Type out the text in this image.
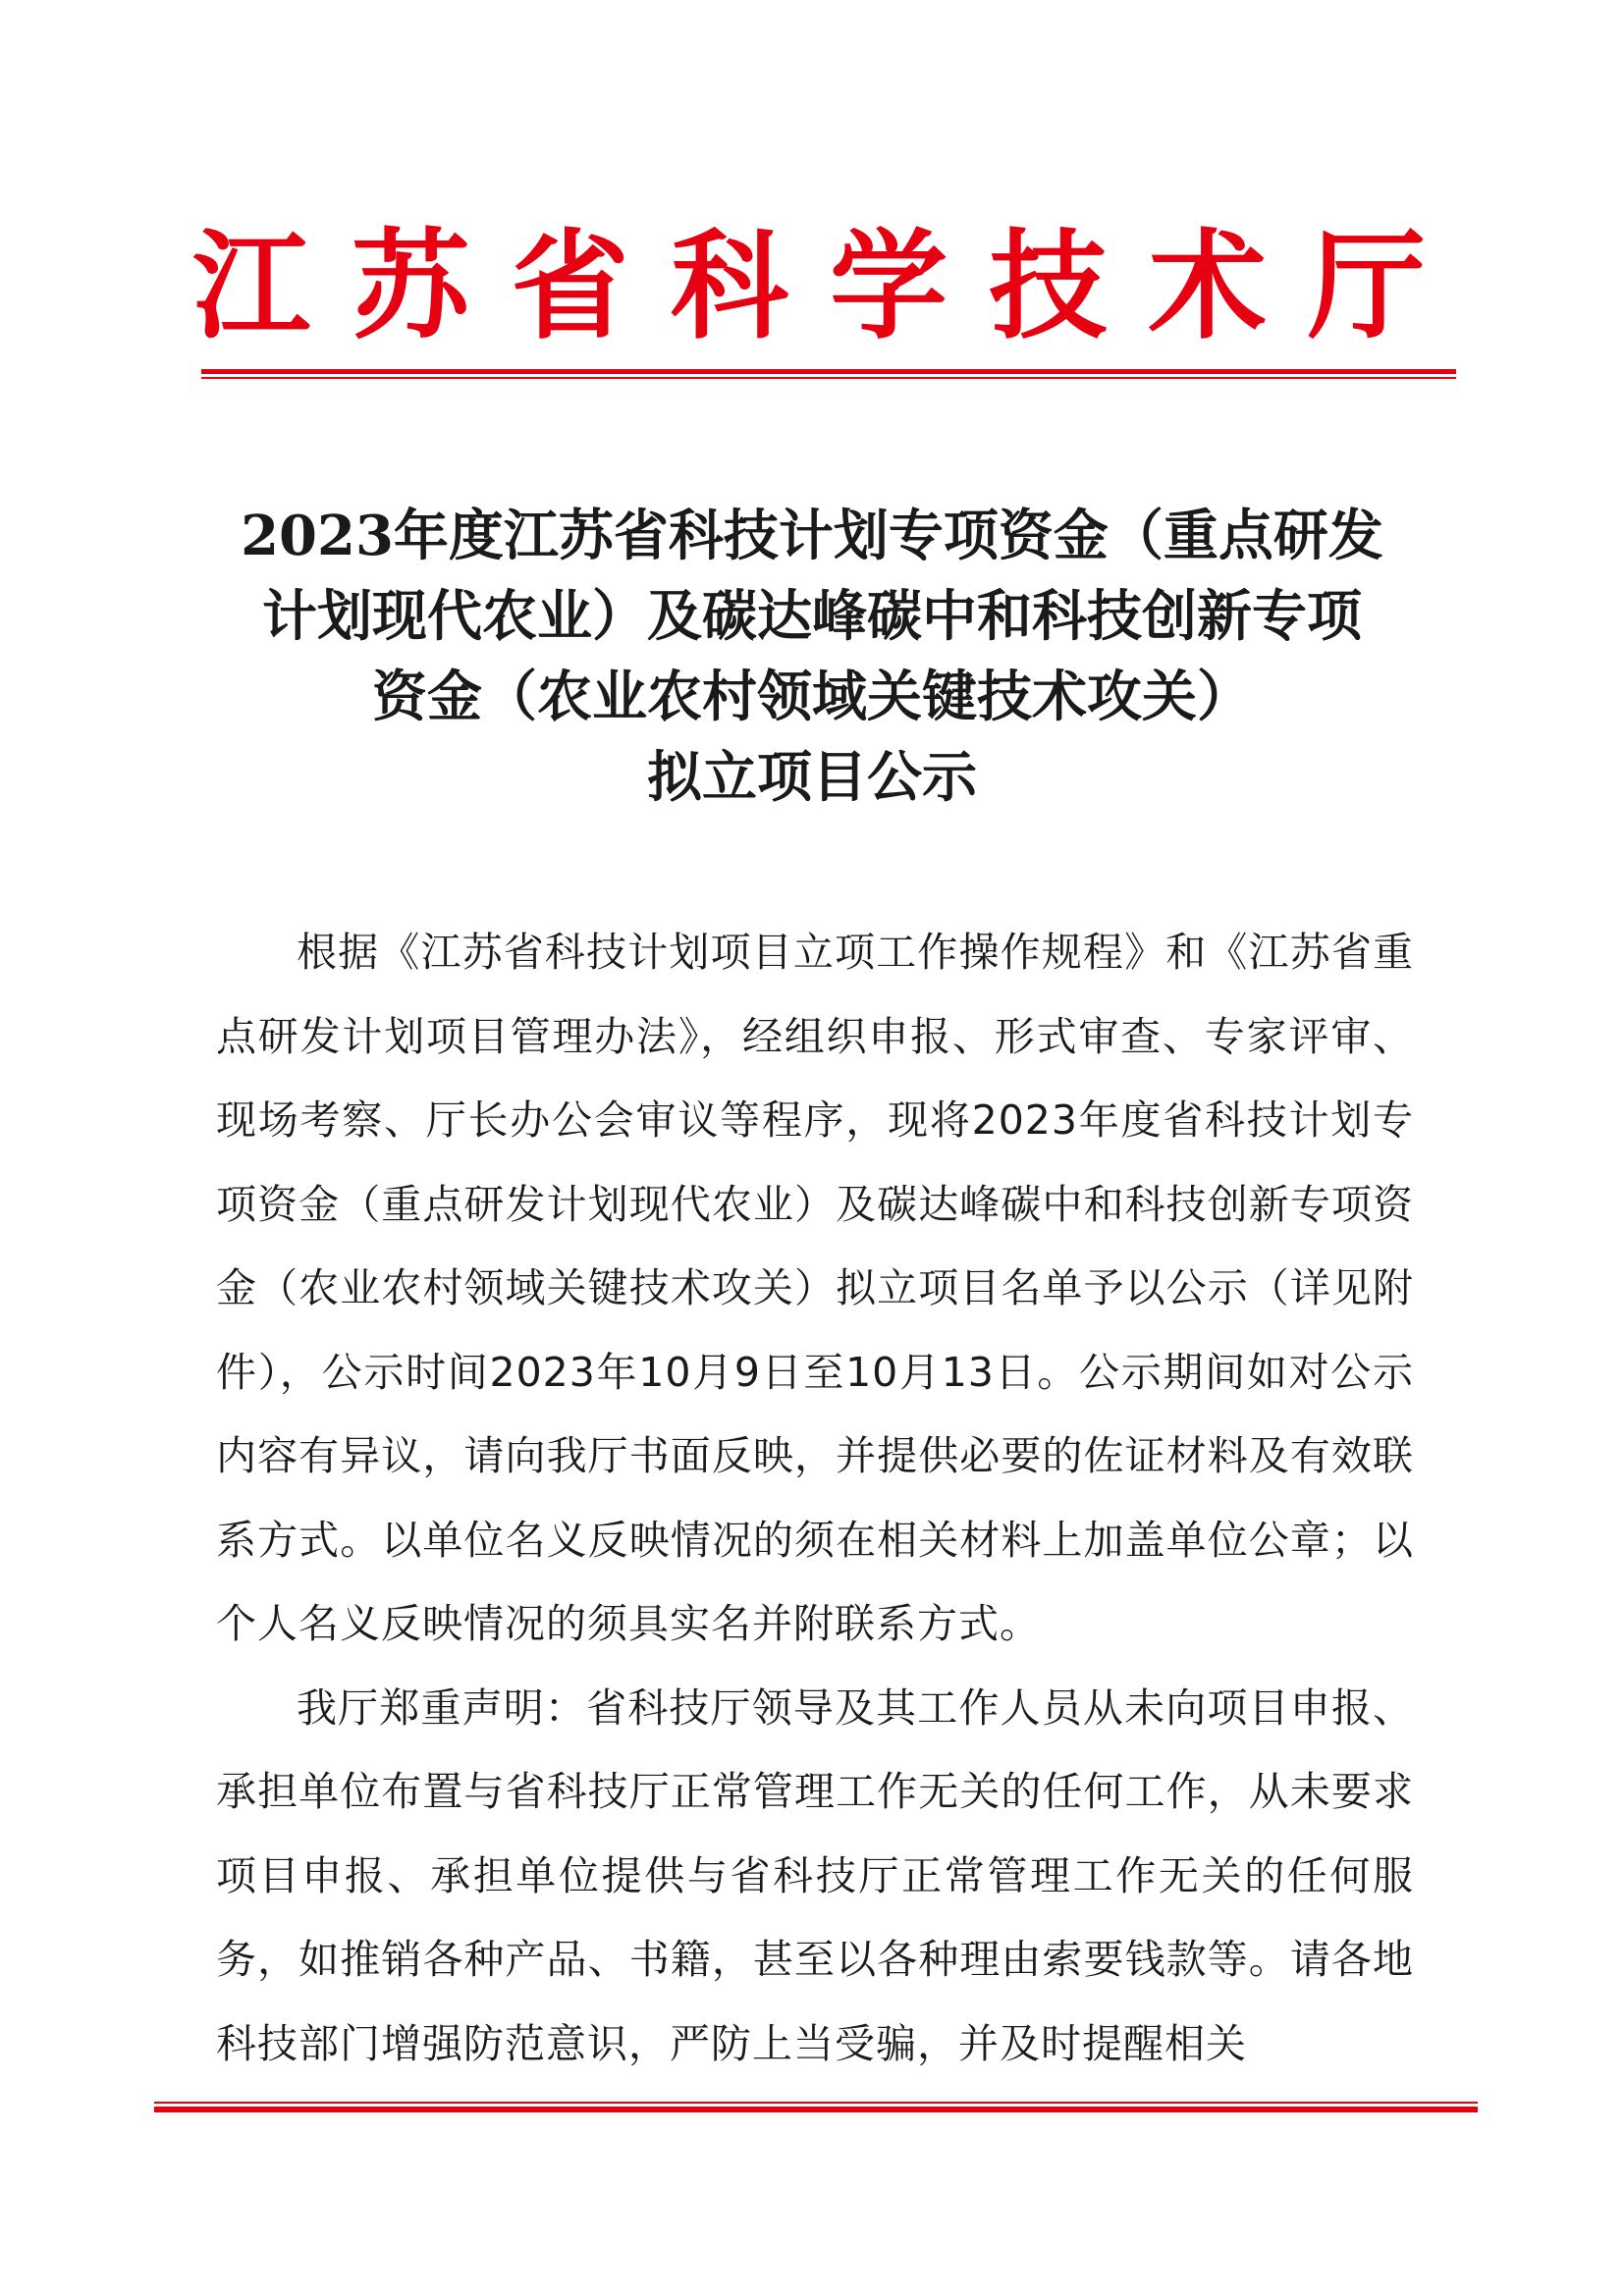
江 苏 省 科 学 技 术 厅
2023年度江苏省科技计划专项资金（重点研发
计划现代农业）及碳达峰碳中和科技创新专项
资金（农业农村领域关键技术攻关）
拟立项目公示

根据《江苏省科技计划项目立项工作操作规程》和《江苏省重点研发计划项目管理办法》，经组织申报、形式审查、专家评审、现场考察、厅长办公会审议等程序，现将2023年度省科技计划专项资金（重点研发计划现代农业）及碳达峰碳中和科技创新专项资金（农业农村领域关键技术攻关）拟立项目名单予以公示（详见附件），公示时间2023年10月9日至10月13日。公示期间如对公示内容有异议，请向我厅书面反映，并提供必要的佐证材料及有效联系方式。以单位名义反映情况的须在相关材料上加盖单位公章；以个人名义反映情况的须具实名并附联系方式。

我厅郑重声明：省科技厅领导及其工作人员从未向项目申报、承担单位布置与省科技厅正常管理工作无关的任何工作，从未要求项目申报、承担单位提供与省科技厅正常管理工作无关的任何服务，如推销各种产品、书籍，甚至以各种理由索要钱款等。请各地科技部门增强防范意识，严防上当受骗，并及时提醒相关
